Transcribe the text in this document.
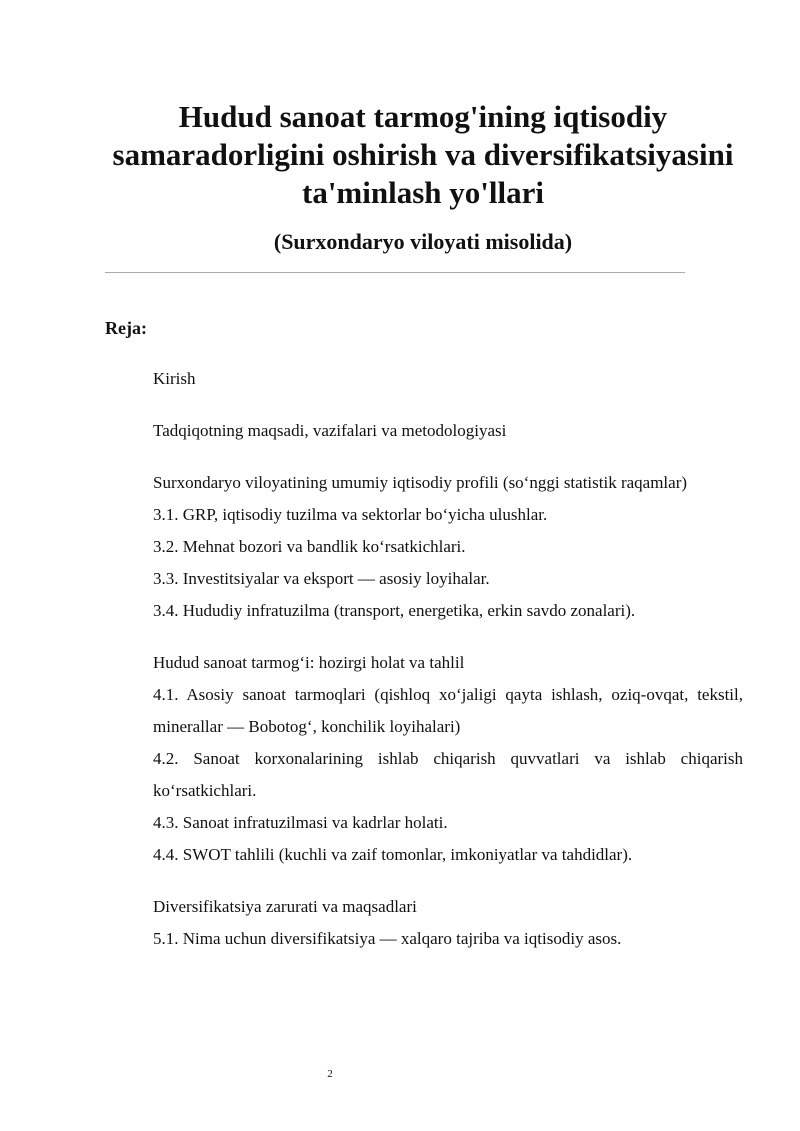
Hudud sanoat tarmog'ining iqtisodiy samaradorligini oshirish va diversifikatsiyasini ta'minlash yo'llari
(Surxondaryo viloyati misolida)
Reja:

Kirish

Tadqiqotning maqsadi, vazifalari va metodologiyasi

Surxondaryo viloyatining umumiy iqtisodiy profili (so‘nggi statistik raqamlar)

3.1. GRP, iqtisodiy tuzilma va sektorlar bo‘yicha ulushlar.

3.2. Mehnat bozori va bandlik ko‘rsatkichlari.

3.3. Investitsiyalar va eksport — asosiy loyihalar.

3.4. Hududiy infratuzilma (transport, energetika, erkin savdo zonalari).

Hudud sanoat tarmog‘i: hozirgi holat va tahlil

4.1. Asosiy sanoat tarmoqlari (qishloq xo‘jaligi qayta ishlash, oziq-ovqat, tekstil, minerallar — Bobotog‘, konchilik loyihalari)

4.2. Sanoat korxonalarining ishlab chiqarish quvvatlari va ishlab chiqarish ko‘rsatkichlari.

4.3. Sanoat infratuzilmasi va kadrlar holati.

4.4. SWOT tahlili (kuchli va zaif tomonlar, imkoniyatlar va tahdidlar).

Diversifikatsiya zarurati va maqsadlari

5.1. Nima uchun diversifikatsiya — xalqaro tajriba va iqtisodiy asos.

2
